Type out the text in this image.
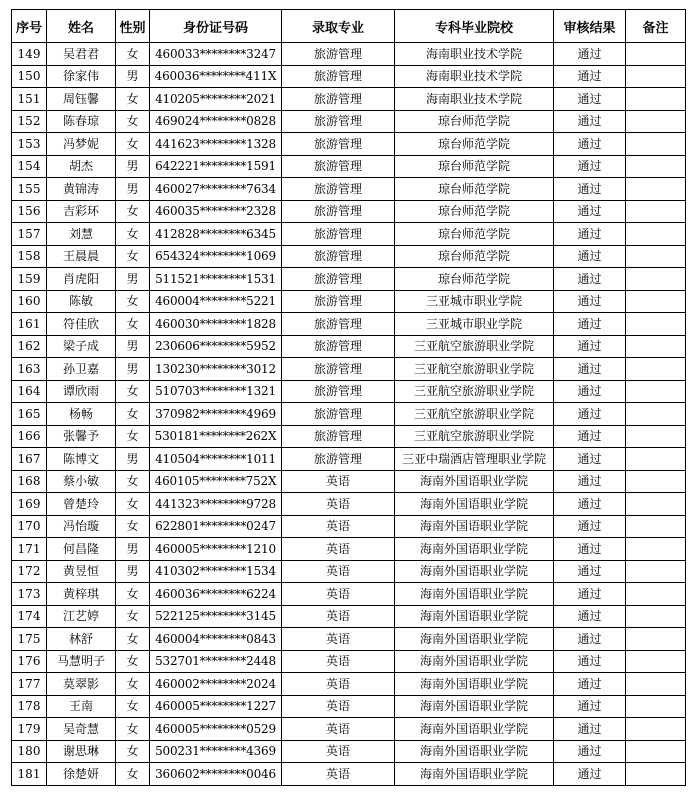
序号	姓名	性别	身份证号码	录取专业	专科毕业院校	审核结果	备注
149	吴君君	女	460033********3247	旅游管理	海南职业技术学院	通过	
150	徐家伟	男	460036********411X	旅游管理	海南职业技术学院	通过	
151	周钰馨	女	410205********2021	旅游管理	海南职业技术学院	通过	
152	陈春琼	女	469024********0828	旅游管理	琼台师范学院	通过	
153	冯梦妮	女	441623********1328	旅游管理	琼台师范学院	通过	
154	胡杰	男	642221********1591	旅游管理	琼台师范学院	通过	
155	黄锦涛	男	460027********7634	旅游管理	琼台师范学院	通过	
156	吉彩环	女	460035********2328	旅游管理	琼台师范学院	通过	
157	刘慧	女	412828********6345	旅游管理	琼台师范学院	通过	
158	王晨晨	女	654324********1069	旅游管理	琼台师范学院	通过	
159	肖虎阳	男	511521********1531	旅游管理	琼台师范学院	通过	
160	陈敏	女	460004********5221	旅游管理	三亚城市职业学院	通过	
161	符佳欣	女	460030********1828	旅游管理	三亚城市职业学院	通过	
162	梁子成	男	230606********5952	旅游管理	三亚航空旅游职业学院	通过	
163	孙卫嘉	男	130230********3012	旅游管理	三亚航空旅游职业学院	通过	
164	谭欣雨	女	510703********1321	旅游管理	三亚航空旅游职业学院	通过	
165	杨畅	女	370982********4969	旅游管理	三亚航空旅游职业学院	通过	
166	张馨予	女	530181********262X	旅游管理	三亚航空旅游职业学院	通过	
167	陈博文	男	410504********1011	旅游管理	三亚中瑞酒店管理职业学院	通过	
168	蔡小敏	女	460105********752X	英语	海南外国语职业学院	通过	
169	曾楚玲	女	441323********9728	英语	海南外国语职业学院	通过	
170	冯怡璇	女	622801********0247	英语	海南外国语职业学院	通过	
171	何昌隆	男	460005********1210	英语	海南外国语职业学院	通过	
172	黄昱恒	男	410302********1534	英语	海南外国语职业学院	通过	
173	黄梓琪	女	460036********6224	英语	海南外国语职业学院	通过	
174	江艺婷	女	522125********3145	英语	海南外国语职业学院	通过	
175	林舒	女	460004********0843	英语	海南外国语职业学院	通过	
176	马慧明子	女	532701********2448	英语	海南外国语职业学院	通过	
177	莫翠影	女	460002********2024	英语	海南外国语职业学院	通过	
178	王南	女	460005********1227	英语	海南外国语职业学院	通过	
179	吴奇慧	女	460005********0529	英语	海南外国语职业学院	通过	
180	谢思琳	女	500231********4369	英语	海南外国语职业学院	通过	
181	徐楚妍	女	360602********0046	英语	海南外国语职业学院	通过	
